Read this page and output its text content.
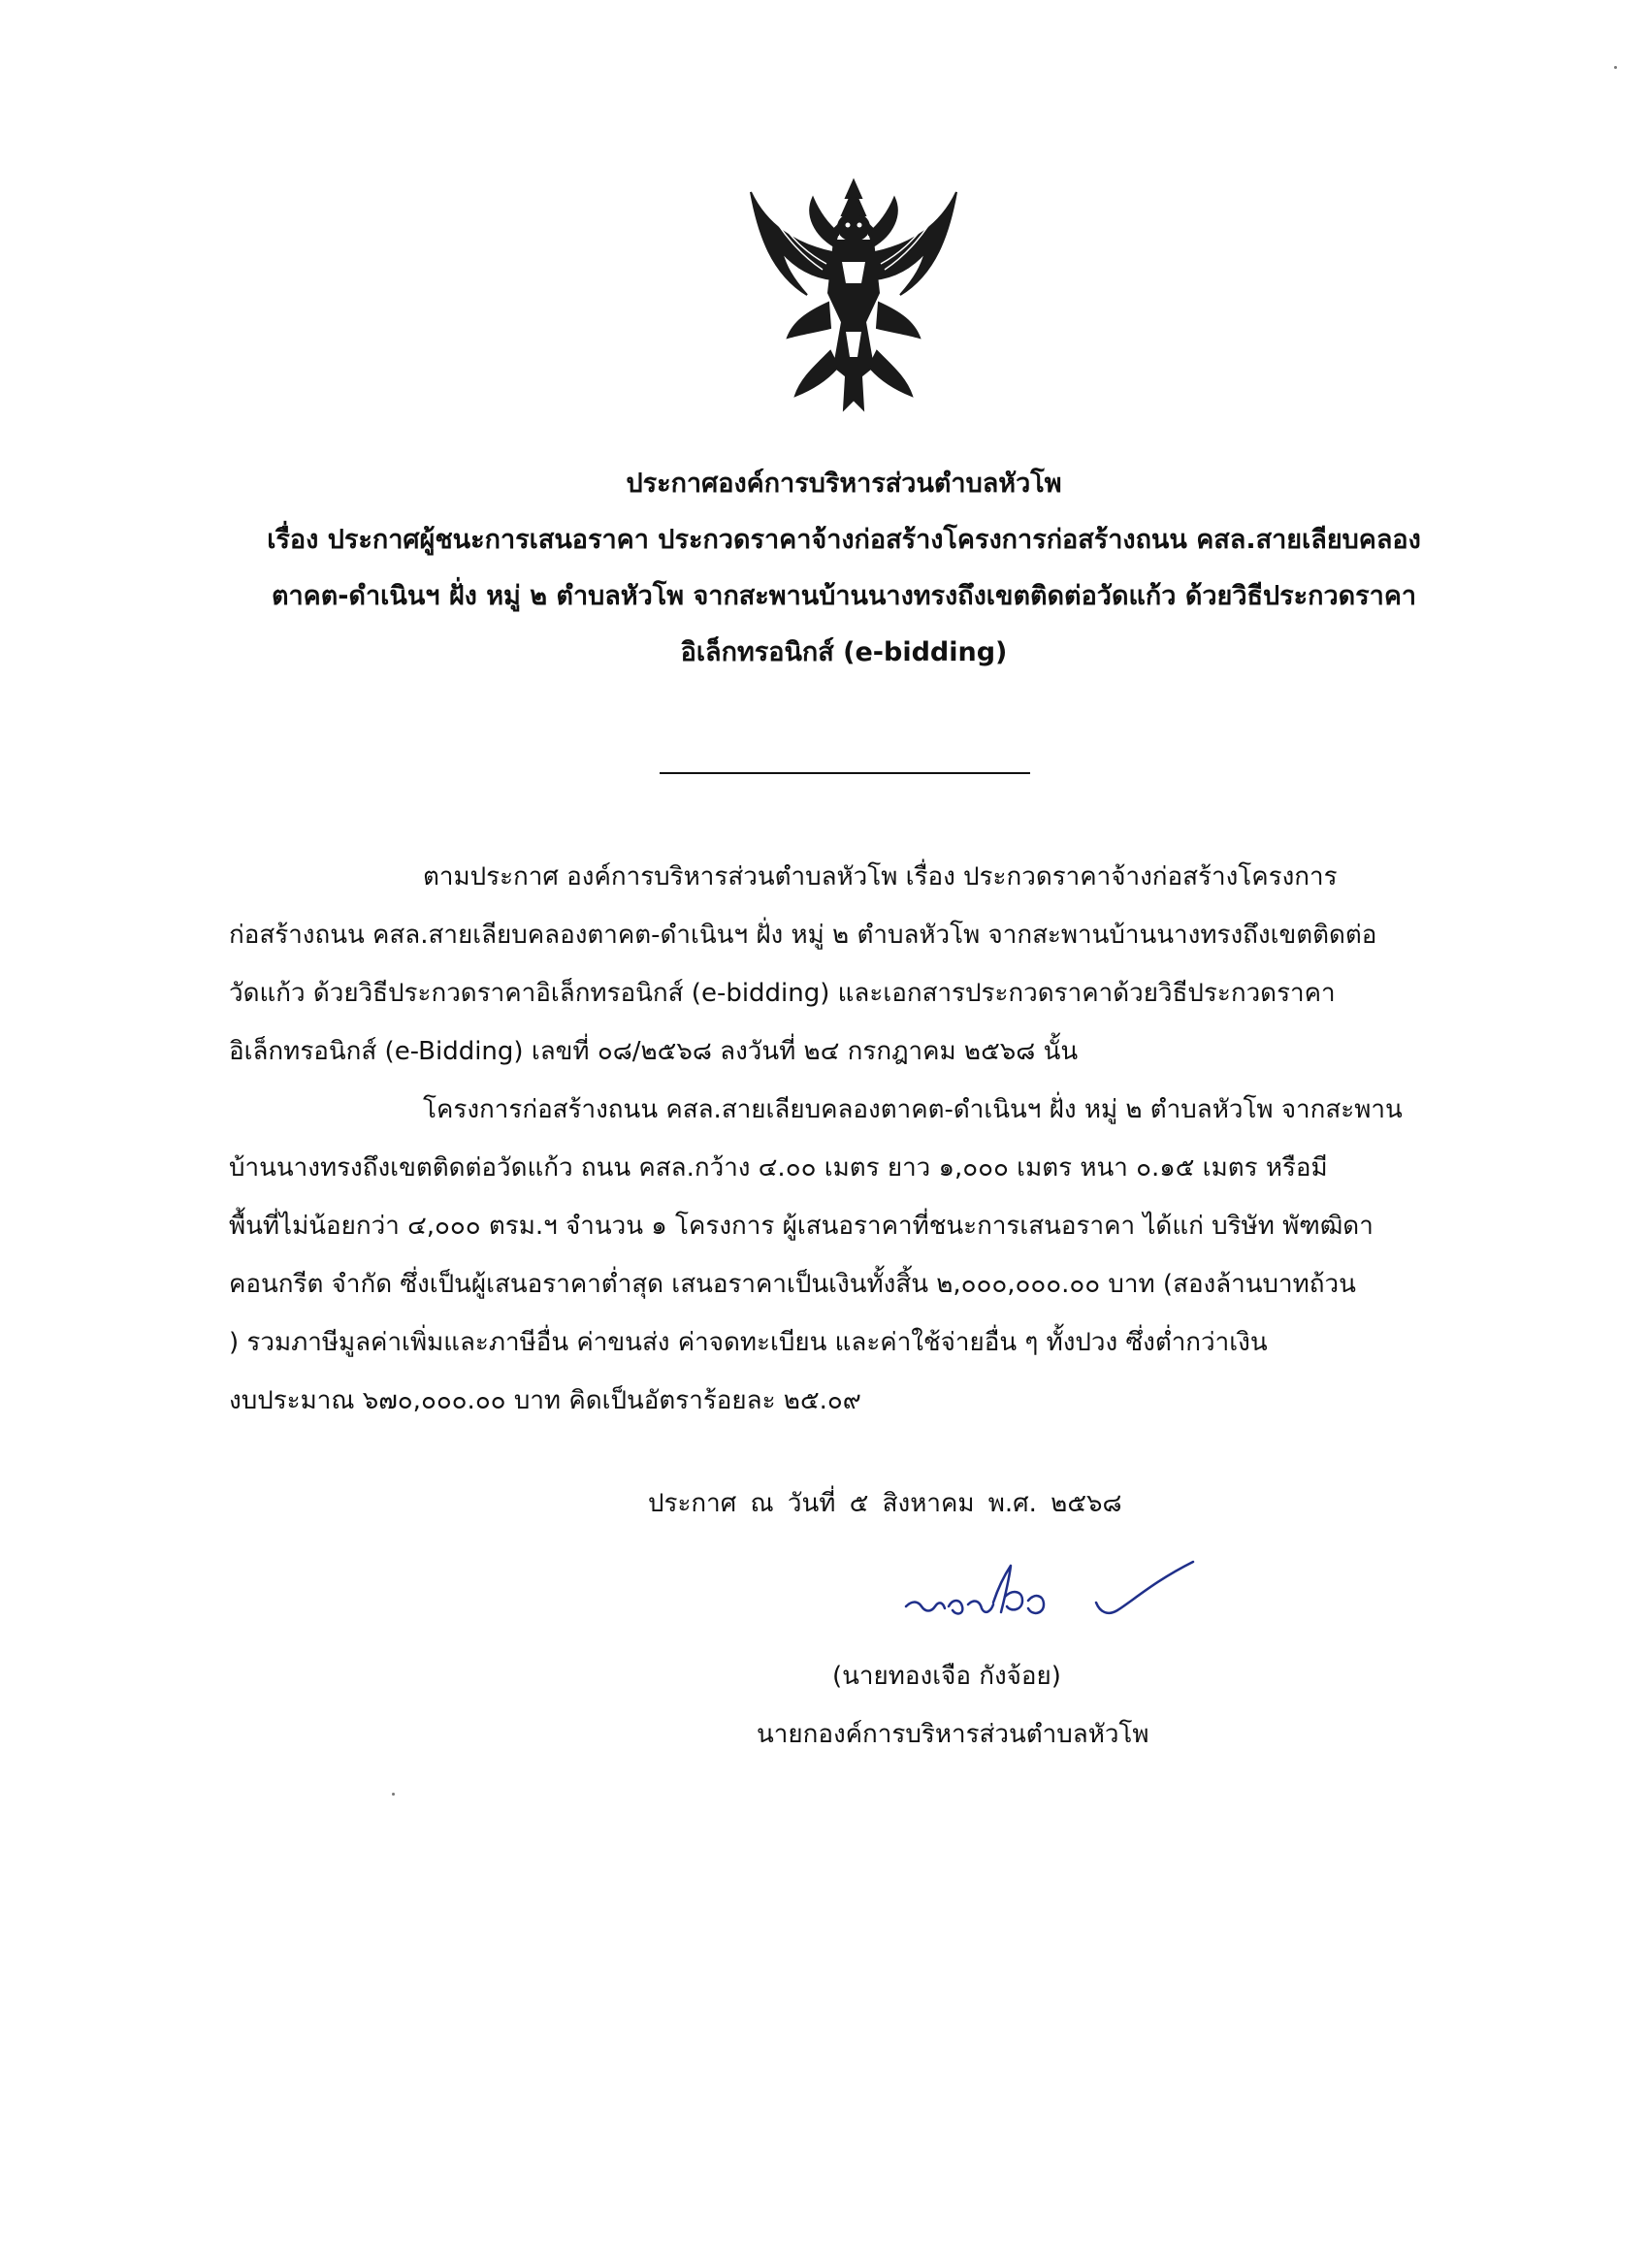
ประกาศองค์การบริหารส่วนตำบลหัวโพ
เรื่อง ประกาศผู้ชนะการเสนอราคา ประกวดราคาจ้างก่อสร้างโครงการก่อสร้างถนน คสล.สายเลียบคลอง
ตาคต-ดำเนินฯ ฝั่ง หมู่ ๒ ตำบลหัวโพ จากสะพานบ้านนางทรงถึงเขตติดต่อวัดแก้ว ด้วยวิธีประกวดราคา
อิเล็กทรอนิกส์ (e-bidding)
ตามประกาศ องค์การบริหารส่วนตำบลหัวโพ เรื่อง ประกวดราคาจ้างก่อสร้างโครงการ
ก่อสร้างถนน คสล.สายเลียบคลองตาคต-ดำเนินฯ ฝั่ง หมู่ ๒ ตำบลหัวโพ จากสะพานบ้านนางทรงถึงเขตติดต่อ
วัดแก้ว ด้วยวิธีประกวดราคาอิเล็กทรอนิกส์ (e-bidding) และเอกสารประกวดราคาด้วยวิธีประกวดราคา
อิเล็กทรอนิกส์ (e-Bidding) เลขที่ ๐๘/๒๕๖๘ ลงวันที่ ๒๔ กรกฎาคม ๒๕๖๘ นั้น
โครงการก่อสร้างถนน คสล.สายเลียบคลองตาคต-ดำเนินฯ ฝั่ง หมู่ ๒ ตำบลหัวโพ จากสะพาน
บ้านนางทรงถึงเขตติดต่อวัดแก้ว ถนน คสล.กว้าง ๔.๐๐ เมตร ยาว ๑,๐๐๐ เมตร หนา ๐.๑๕ เมตร หรือมี
พื้นที่ไม่น้อยกว่า ๔,๐๐๐ ตรม.ฯ จำนวน ๑ โครงการ ผู้เสนอราคาที่ชนะการเสนอราคา ได้แก่ บริษัท พัฑฒิดา
คอนกรีต จำกัด ซึ่งเป็นผู้เสนอราคาต่ำสุด เสนอราคาเป็นเงินทั้งสิ้น ๒,๐๐๐,๐๐๐.๐๐ บาท (สองล้านบาทถ้วน
) รวมภาษีมูลค่าเพิ่มและภาษีอื่น ค่าขนส่ง ค่าจดทะเบียน และค่าใช้จ่ายอื่น ๆ ทั้งปวง ซึ่งต่ำกว่าเงิน
งบประมาณ ๖๗๐,๐๐๐.๐๐ บาท คิดเป็นอัตราร้อยละ ๒๕.๐๙
ประกาศ ณ วันที่ ๕ สิงหาคม พ.ศ. ๒๕๖๘
(นายทองเจือ กังจ้อย)
นายกองค์การบริหารส่วนตำบลหัวโพ
